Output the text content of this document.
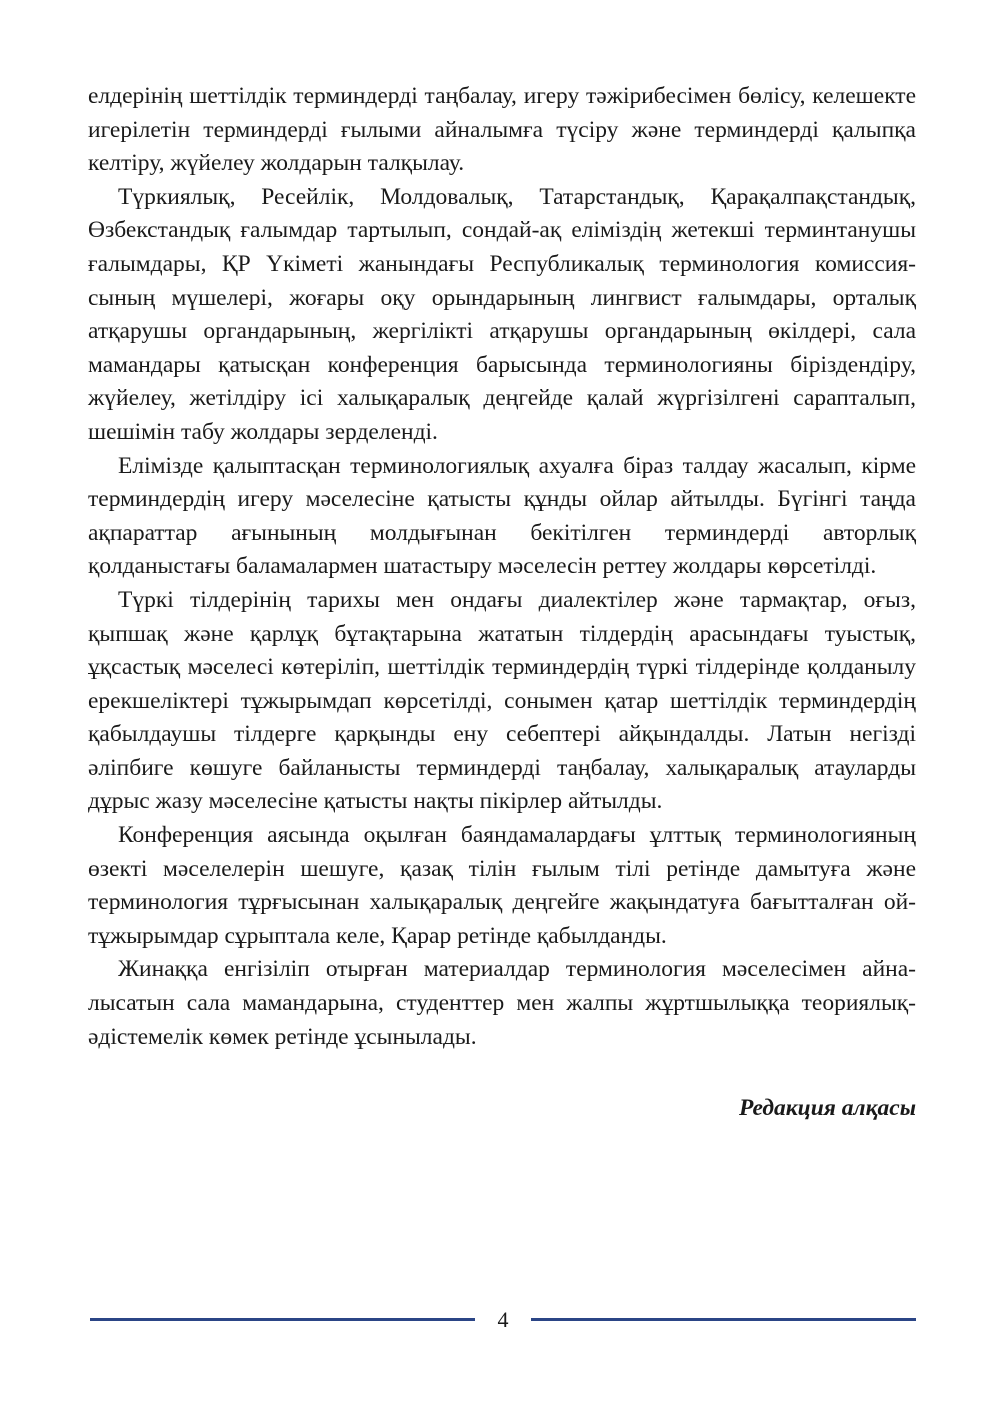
елдерінің шеттілдік терминдерді таңбалау, игеру тәжірибесімен бөлісу, келешекте игерілетін терминдерді ғылыми айналымға түсіру және терминдерді қалыпқа келтіру, жүйелеу жолдарын талқылау.

Түркиялық, Ресейлік, Молдовалық, Татарстандық, Қарақалпақстандық, Өзбекстандық ғалымдар тартылып, сондай-ақ еліміздің жетекші терминтанушы ғалымдары, ҚР Үкіметі жанындағы Республикалық терминология комиссиясының мүшелері, жоғары оқу орындарының лингвист ғалымдары, орталық атқарушы органдарының, жергілікті атқарушы органдарының өкілдері, сала мамандары қатысқан конференция барысында терминологияны біріздендіру, жүйелеу, жетілдіру ісі халықаралық деңгейде қалай жүргізілгені сарапталып, шешімін табу жолдары зерделенді.

Елімізде қалыптасқан терминологиялық ахуалға біраз талдау жасалып, кірме терминдердің игеру мәселесіне қатысты құнды ойлар айтылды. Бүгінгі таңда ақпараттар ағынының молдығынан бекітілген терминдерді авторлық қолданыстағы баламалармен шатастыру мәселесін реттеу жолдары көрсетілді.

Түркі тілдерінің тарихы мен ондағы диалектілер және тармақтар, оғыз, қыпшақ және қарлұқ бұтақтарына жататын тілдердің арасындағы туыстық, ұқсастық мәселесі көтеріліп, шеттілдік терминдердің түркі тілдерінде қолданылу ерекшеліктері тұжырымдап көрсетілді, сонымен қатар шеттілдік терминдердің қабылдаушы тілдерге қарқынды ену себептері айқындалды. Латын негізді әліпбиге көшуге байланысты терминдерді таңбалау, халықаралық атауларды дұрыс жазу мәселесіне қатысты нақты пікірлер айтылды.

Конференция аясында оқылған баяндамалардағы ұлттық терминологияның өзекті мәселелерін шешуге, қазақ тілін ғылым тілі ретінде дамытуға және терминология тұрғысынан халықаралық деңгейге жақындатуға бағытталған ой-тұжырымдар сұрыптала келе, Қарар ретінде қабылданды.

Жинаққа енгізіліп отырған материалдар терминология мәселесімен айналысатын сала мамандарына, студенттер мен жалпы жұртшылыққа теориялық-әдістемелік көмек ретінде ұсынылады.

Редакция алқасы

4
